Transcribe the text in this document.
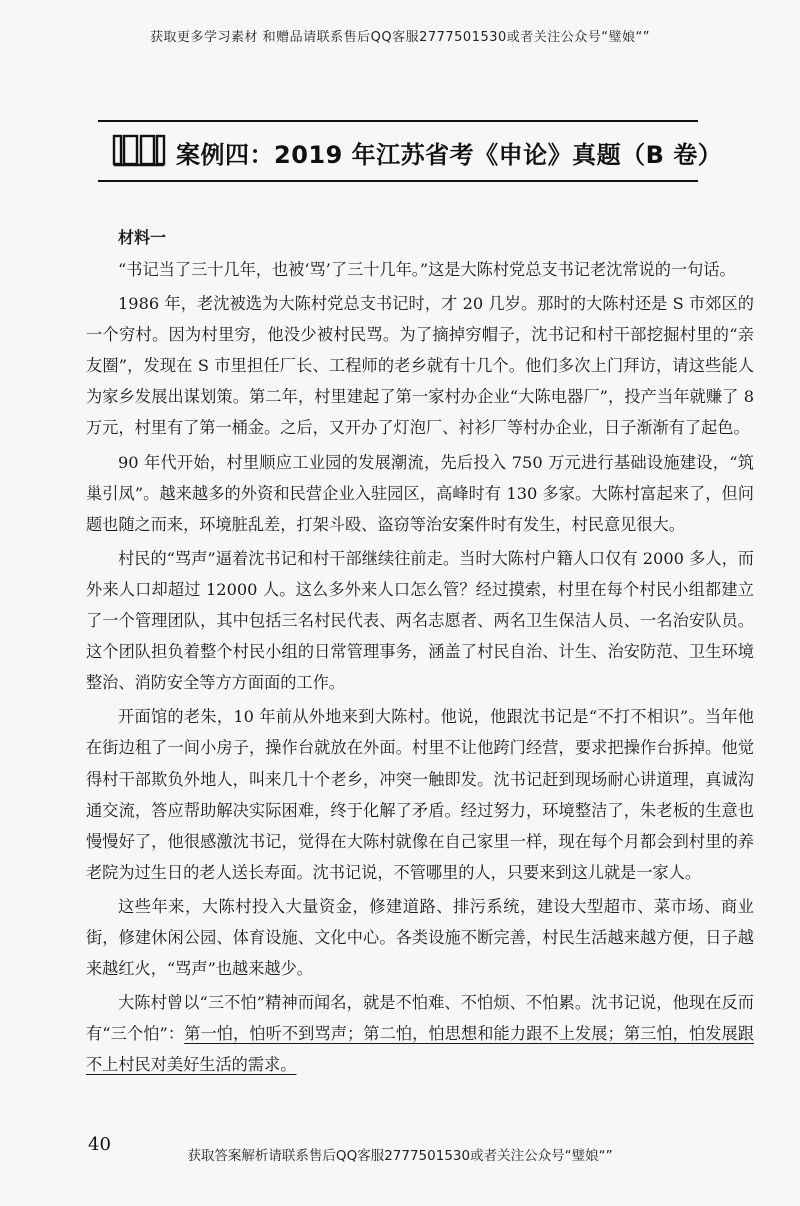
获取更多学习素材 和赠品请联系售后QQ客服2777501530或者关注公众号“璧娘“”
案例四：2019 年江苏省考《申论》真题（B 卷）

材料一

“书记当了三十几年，也被‘骂’了三十几年。”这是大陈村党总支书记老沈常说的一句话。

1986 年，老沈被选为大陈村党总支书记时，才 20 几岁。那时的大陈村还是 S 市郊区的一个穷村。因为村里穷，他没少被村民骂。为了摘掉穷帽子，沈书记和村干部挖掘村里的“亲友圈”，发现在 S 市里担任厂长、工程师的老乡就有十几个。他们多次上门拜访，请这些能人为家乡发展出谋划策。第二年，村里建起了第一家村办企业“大陈电器厂”，投产当年就赚了 8 万元，村里有了第一桶金。之后，又开办了灯泡厂、衬衫厂等村办企业，日子渐渐有了起色。

90 年代开始，村里顺应工业园的发展潮流，先后投入 750 万元进行基础设施建设，“筑巢引凤”。越来越多的外资和民营企业入驻园区，高峰时有 130 多家。大陈村富起来了，但问题也随之而来，环境脏乱差，打架斗殴、盗窃等治安案件时有发生，村民意见很大。

村民的“骂声”逼着沈书记和村干部继续往前走。当时大陈村户籍人口仅有 2000 多人，而外来人口却超过 12000 人。这么多外来人口怎么管？经过摸索，村里在每个村民小组都建立了一个管理团队，其中包括三名村民代表、两名志愿者、两名卫生保洁人员、一名治安队员。这个团队担负着整个村民小组的日常管理事务，涵盖了村民自治、计生、治安防范、卫生环境整治、消防安全等方方面面的工作。

开面馆的老朱，10 年前从外地来到大陈村。他说，他跟沈书记是“不打不相识”。当年他在街边租了一间小房子，操作台就放在外面。村里不让他跨门经营，要求把操作台拆掉。他觉得村干部欺负外地人，叫来几十个老乡，冲突一触即发。沈书记赶到现场耐心讲道理，真诚沟通交流，答应帮助解决实际困难，终于化解了矛盾。经过努力，环境整洁了，朱老板的生意也慢慢好了，他很感激沈书记，觉得在大陈村就像在自己家里一样，现在每个月都会到村里的养老院为过生日的老人送长寿面。沈书记说，不管哪里的人，只要来到这儿就是一家人。

这些年来，大陈村投入大量资金，修建道路、排污系统，建设大型超市、菜市场、商业街，修建休闲公园、体育设施、文化中心。各类设施不断完善，村民生活越来越方便，日子越来越红火，“骂声”也越来越少。

大陈村曾以“三不怕”精神而闻名，就是不怕难、不怕烦、不怕累。沈书记说，他现在反而有“三个怕”：第一怕，怕听不到骂声；第二怕，怕思想和能力跟不上发展；第三怕，怕发展跟不上村民对美好生活的需求。

40
获取答案解析请联系售后QQ客服2777501530或者关注公众号“璧娘“”
